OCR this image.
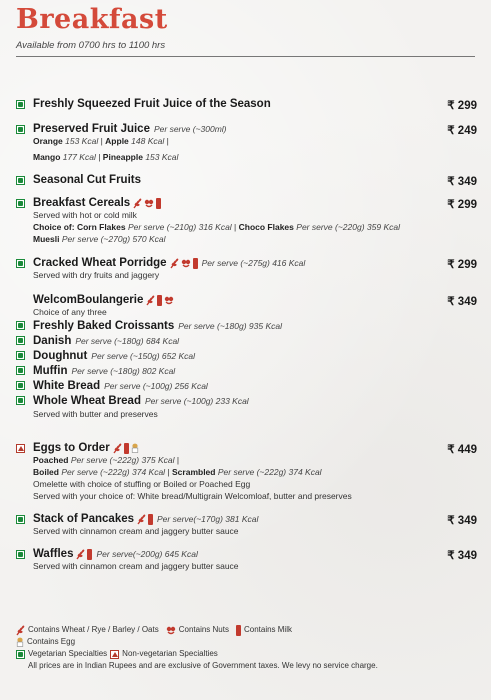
Breakfast
Available from 0700 hrs to 1100 hrs
Freshly Squeezed Fruit Juice of the Season	₹ 299
Preserved Fruit Juice Per serve (~300ml)
Orange 153 Kcal | Apple 148 Kcal |
Mango 177 Kcal | Pineapple 153 Kcal
₹ 249
Seasonal Cut Fruits	₹ 349
Breakfast Cereals
Served with hot or cold milk
Choice of: Corn Flakes Per serve (~210g) 316 Kcal | Choco Flakes Per serve (~220g) 359 Kcal
Muesli Per serve (~270g) 570 Kcal
₹ 299
Cracked Wheat Porridge	Per serve (~275g) 416 Kcal
Served with dry fruits and jaggery
₹ 299
WelcomBoulangerie
Choice of any three
Freshly Baked Croissants Per serve (~180g) 935 Kcal
Danish Per serve (~180g) 684 Kcal
Doughnut Per serve (~150g) 652 Kcal
Muffin Per serve (~180g) 802 Kcal
White Bread Per serve (~100g) 256 Kcal
Whole Wheat Bread Per serve (~100g) 233 Kcal
Served with butter and preserves
₹ 349
Eggs to Order
Poached Per serve (~222g) 375 Kcal |
Boiled Per serve (~222g) 374 Kcal | Scrambled Per serve (~222g) 374 Kcal
Omelette with choice of stuffing or Boiled or Poached Egg
Served with your choice of: White bread/Multigrain Welcomloaf, butter and preserves
₹ 449
Stack of Pancakes	Per serve(~170g) 381 Kcal
Served with cinnamon cream and jaggery butter sauce
₹ 349
Waffles	Per serve(~200g) 645 Kcal
Served with cinnamon cream and jaggery butter sauce
₹ 349
Contains Wheat / Rye / Barley / Oats	Contains Nuts Contains Milk
Contains Egg
Vegetarian Specialties Non-vegetarian Specialties
All prices are in Indian Rupees and are exclusive of Government taxes. We levy no service charge.
